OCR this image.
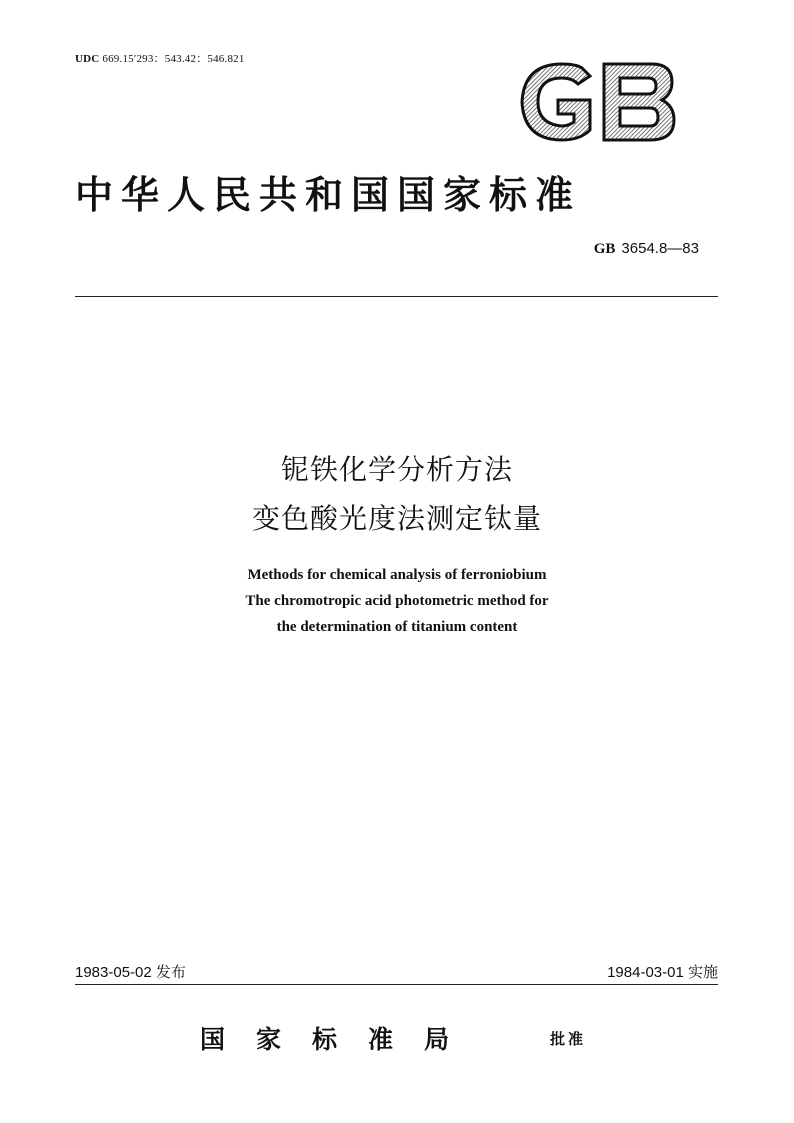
UDC 669.15′293：543.42：546.821
中华人民共和国国家标准
GB 3654.8—83
铌铁化学分析方法
变色酸光度法测定钛量
Methods for chemical analysis of ferroniobium
The chromotropic acid photometric method for
the determination of titanium content
1983-05-02 发布	1984-03-01 实施
国 家 标 准 局	批准
